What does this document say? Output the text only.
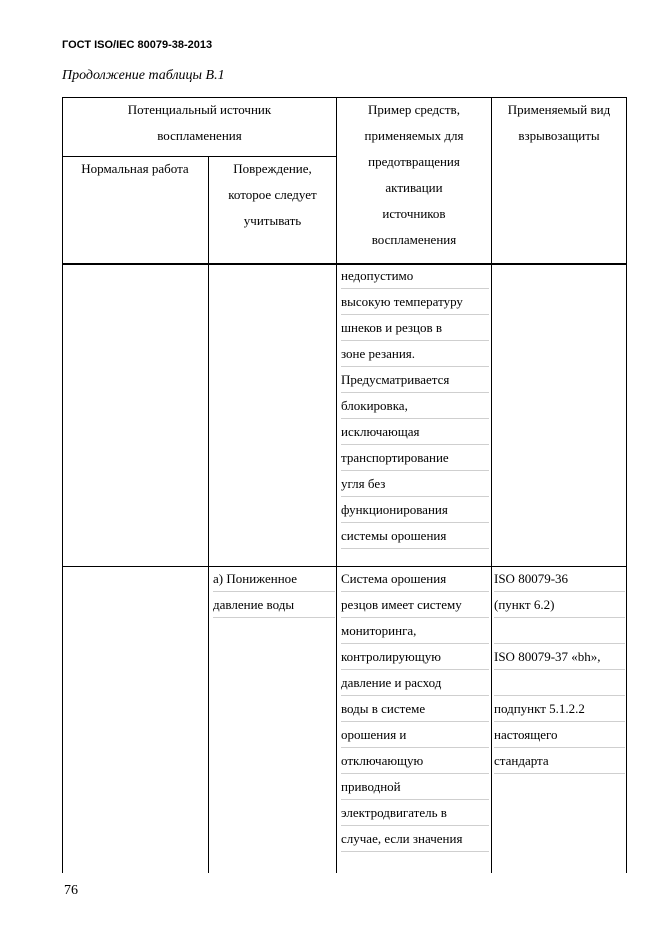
ГОСТ ISO/IEC 80079-38-2013
Продолжение таблицы В.1
Потенциальный источник
воспламенения
Нормальная работа	Повреждение,
которое следует
учитывать
Пример средств,
применяемых для
предотвращения
активации
источников
воспламенения
Применяемый вид
взрывозащиты
недопустимо
высокую температуру
шнеков и резцов в
зоне резания.
Предусматривается
блокировка,
исключающая
транспортирование
угля без
функционирования
системы орошения
а) Пониженное
давление воды
Система орошения
резцов имеет систему
мониторинга,
контролирующую
давление и расход
воды в системе
орошения и
отключающую
приводной
электродвигатель в
случае, если значения
ISO 80079-36
(пункт 6.2)

ISO 80079-37 «bh»,

подпункт 5.1.2.2
настоящего
стандарта
76
